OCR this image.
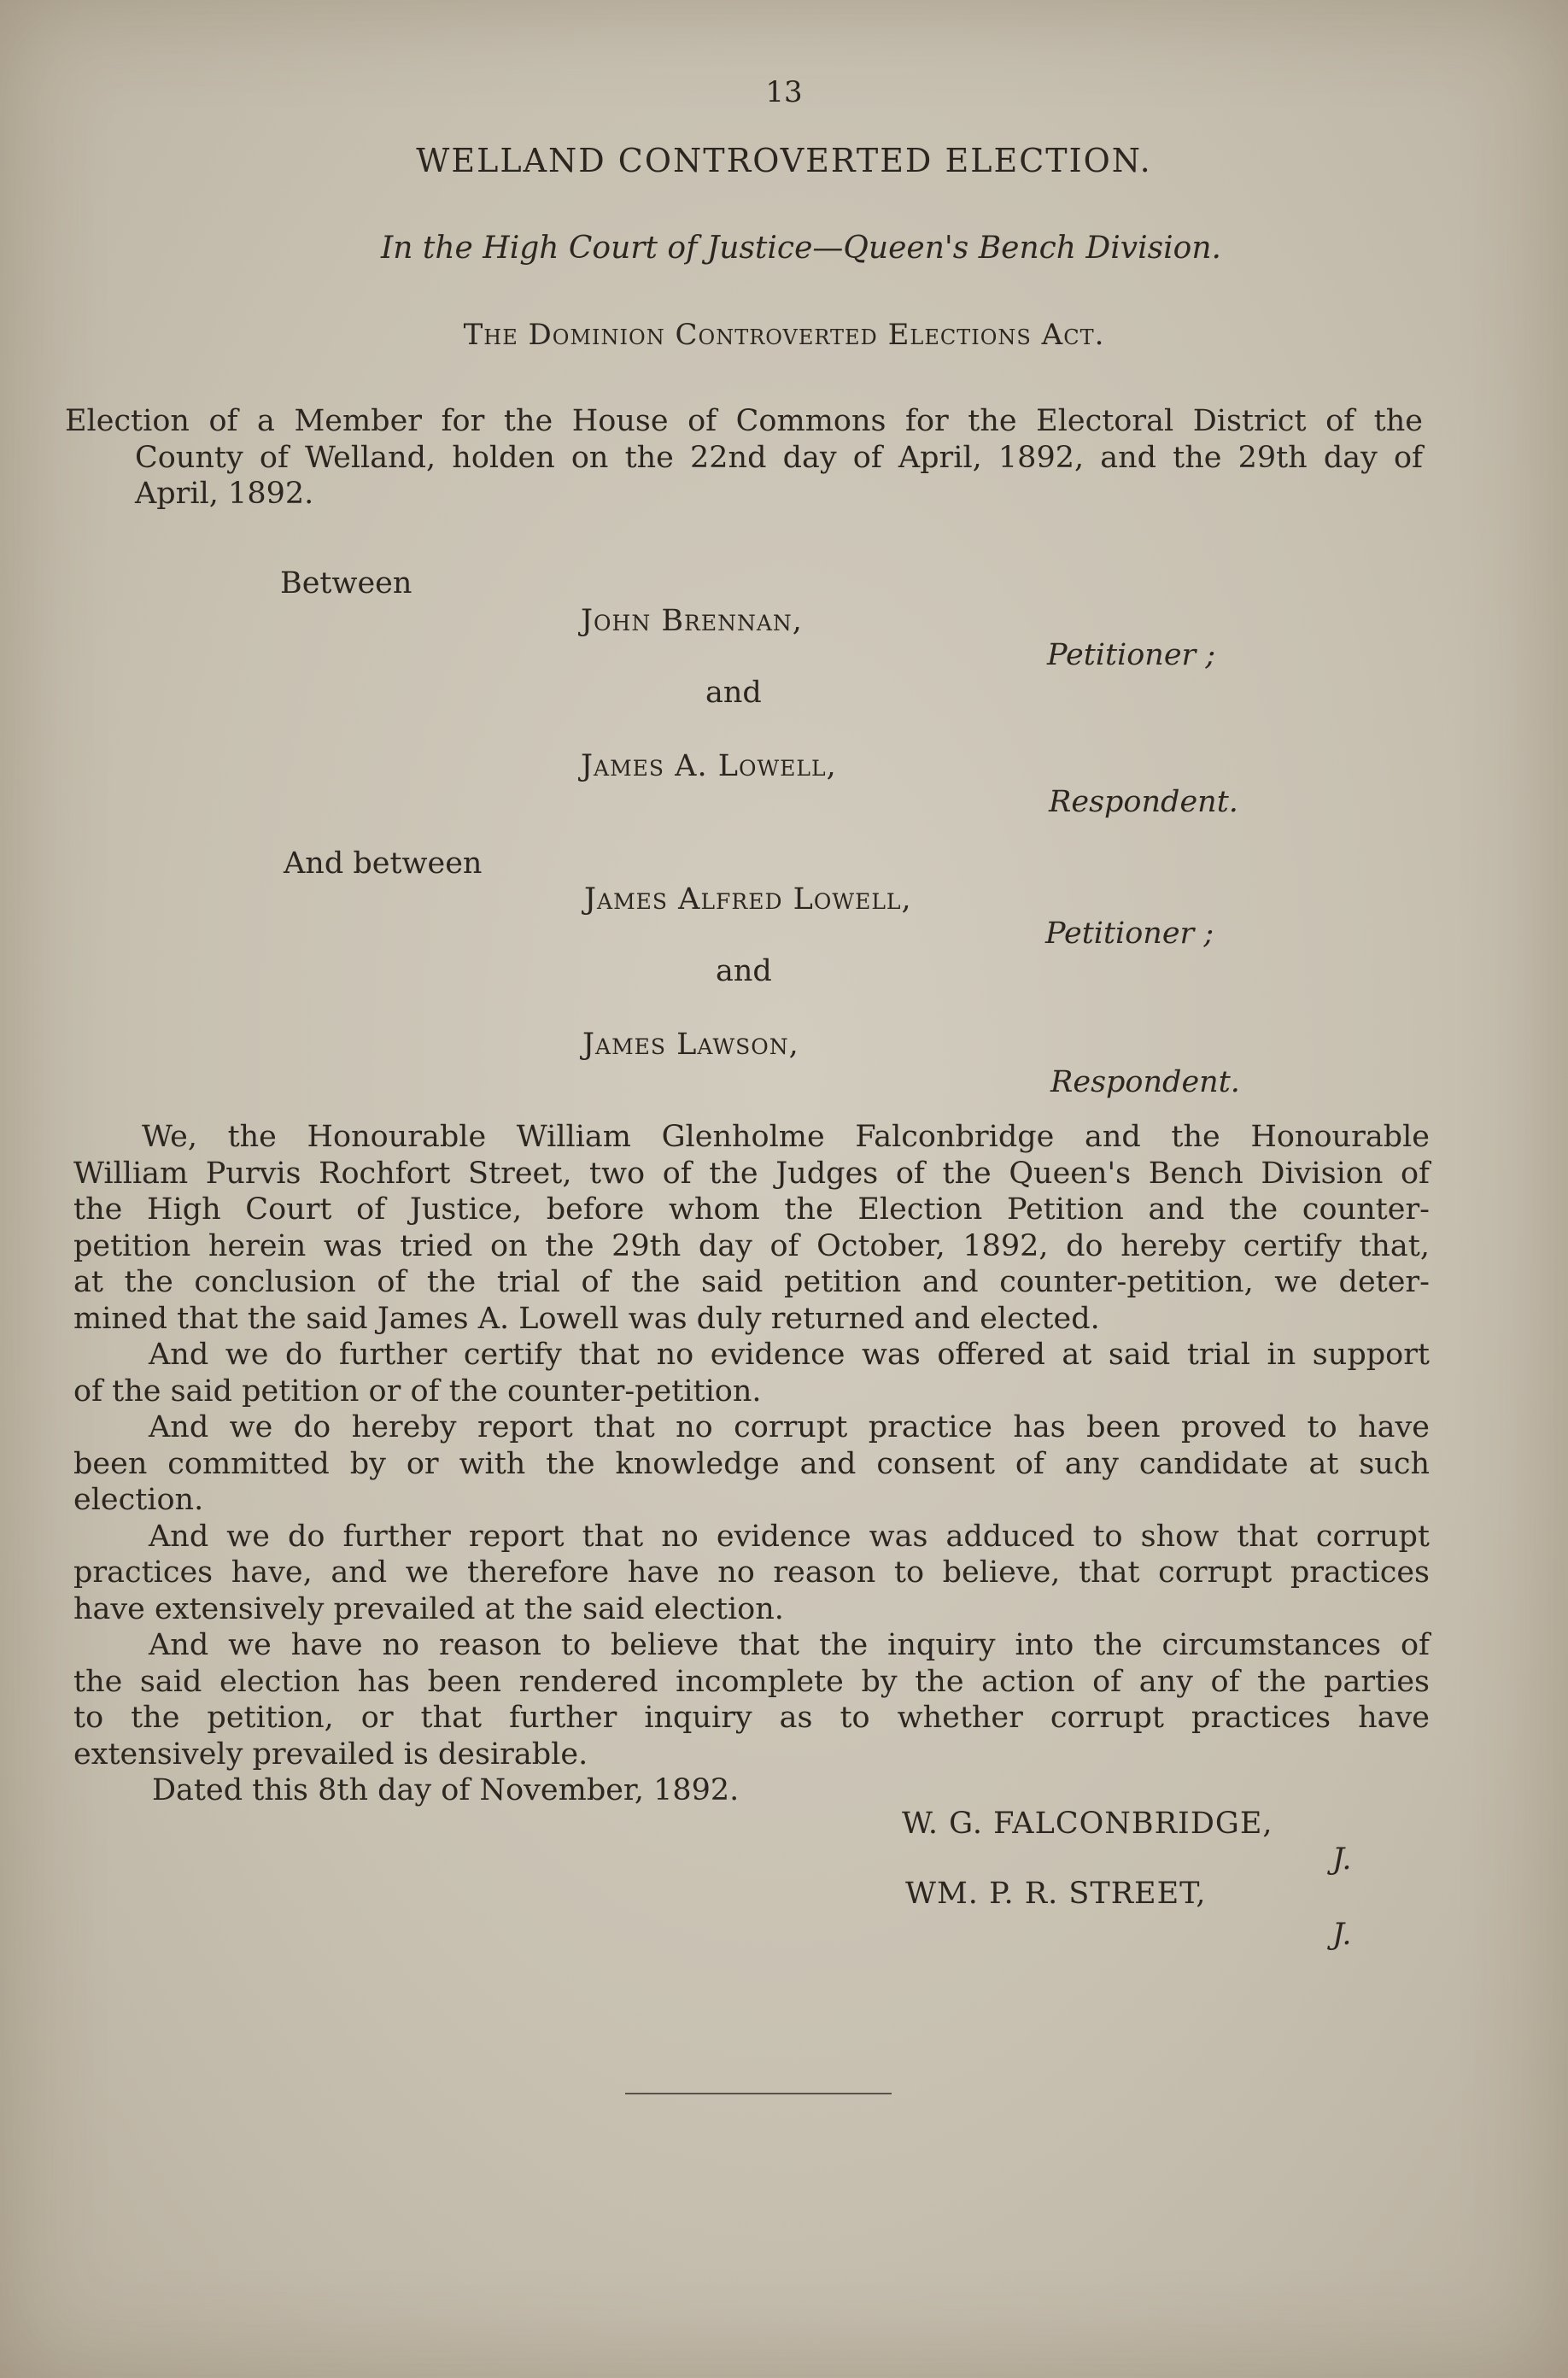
13
WELLAND CONTROVERTED ELECTION.
In the High Court of Justice—Queen's Bench Division.
The Dominion Controverted Elections Act.
Election of a Member for the House of Commons for the Electoral District of the
County of Welland, holden on the 22nd day of April, 1892, and the 29th day of
April, 1892.
Between
John Brennan,
Petitioner ;
and
James A. Lowell,
Respondent.
And between
James Alfred Lowell,
Petitioner ;
and
James Lawson,
Respondent.
We, the Honourable William Glenholme Falconbridge and the Honourable
William Purvis Rochfort Street, two of the Judges of the Queen's Bench Division of
the High Court of Justice, before whom the Election Petition and the counter-
petition herein was tried on the 29th day of October, 1892, do hereby certify that,
at the conclusion of the trial of the said petition and counter-petition, we deter-
mined that the said James A. Lowell was duly returned and elected.
And we do further certify that no evidence was offered at said trial in support
of the said petition or of the counter-petition.
And we do hereby report that no corrupt practice has been proved to have
been committed by or with the knowledge and consent of any candidate at such
election.
And we do further report that no evidence was adduced to show that corrupt
practices have, and we therefore have no reason to believe, that corrupt practices
have extensively prevailed at the said election.
And we have no reason to believe that the inquiry into the circumstances of
the said election has been rendered incomplete by the action of any of the parties
to the petition, or that further inquiry as to whether corrupt practices have
extensively prevailed is desirable.
Dated this 8th day of November, 1892.
W. G. FALCONBRIDGE,
J.
WM. P. R. STREET,
J.
